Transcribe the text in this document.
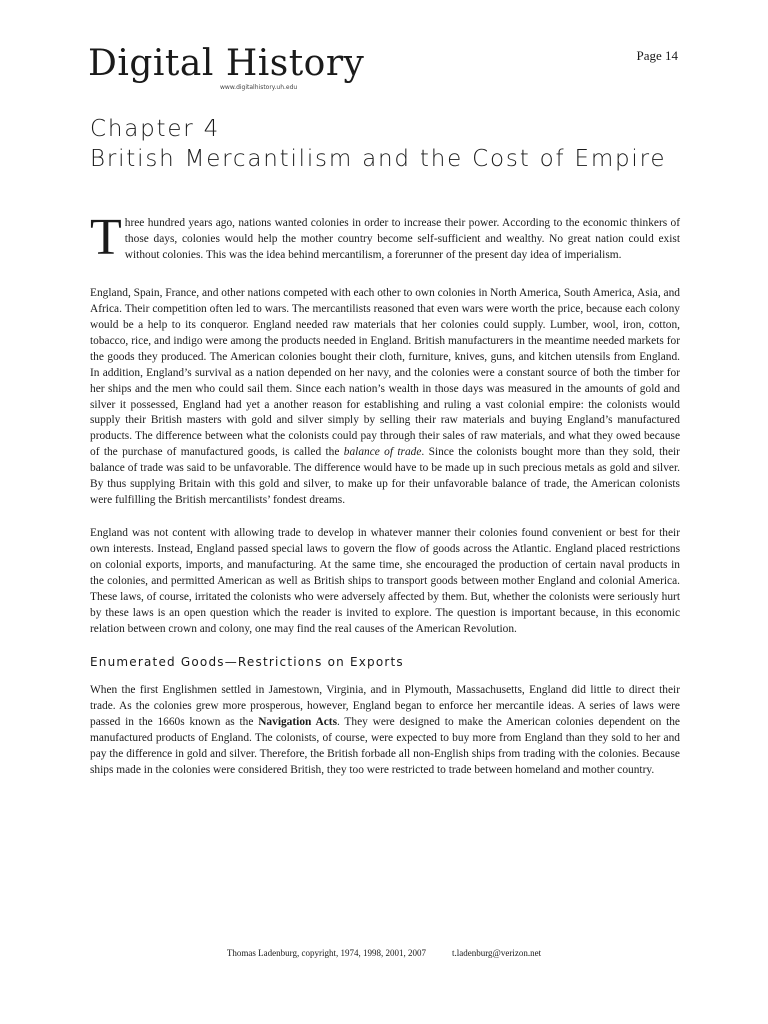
Digital History
www.digitalhistory.uh.edu
Page 14
Chapter 4
British Mercantilism and the Cost of Empire

Three hundred years ago, nations wanted colonies in order to increase their power. According to the economic thinkers of those days, colonies would help the mother country become self-sufficient and wealthy. No great nation could exist without colonies. This was the idea behind mercantilism, a forerunner of the present day idea of imperialism.

England, Spain, France, and other nations competed with each other to own colonies in North America, South America, Asia, and Africa. Their competition often led to wars. The mercantilists reasoned that even wars were worth the price, because each colony would be a help to its conqueror. England needed raw materials that her colonies could supply. Lumber, wool, iron, cotton, tobacco, rice, and indigo were among the products needed in England. British manufacturers in the meantime needed markets for the goods they produced. The American colonies bought their cloth, furniture, knives, guns, and kitchen utensils from England. In addition, England’s survival as a nation depended on her navy, and the colonies were a constant source of both the timber for her ships and the men who could sail them. Since each nation’s wealth in those days was measured in the amounts of gold and silver it possessed, England had yet a another reason for establishing and ruling a vast colonial empire: the colonists would supply their British masters with gold and silver simply by selling their raw materials and buying England’s manufactured products. The difference between what the colonists could pay through their sales of raw materials, and what they owed because of the purchase of manufactured goods, is called the balance of trade. Since the colonists bought more than they sold, their balance of trade was said to be unfavorable. The difference would have to be made up in such precious metals as gold and silver. By thus supplying Britain with this gold and silver, to make up for their unfavorable balance of trade, the American colonists were fulfilling the British mercantilists’ fondest dreams.

England was not content with allowing trade to develop in whatever manner their colonies found convenient or best for their own interests. Instead, England passed special laws to govern the flow of goods across the Atlantic. England placed restrictions on colonial exports, imports, and manufacturing. At the same time, she encouraged the production of certain naval products in the colonies, and permitted American as well as British ships to transport goods between mother England and colonial America. These laws, of course, irritated the colonists who were adversely affected by them. But, whether the colonists were seriously hurt by these laws is an open question which the reader is invited to explore. The question is important because, in this economic relation between crown and colony, one may find the real causes of the American Revolution.

Enumerated Goods—Restrictions on Exports

When the first Englishmen settled in Jamestown, Virginia, and in Plymouth, Massachusetts, England did little to direct their trade. As the colonies grew more prosperous, however, England began to enforce her mercantile ideas. A series of laws were passed in the 1660s known as the Navigation Acts. They were designed to make the American colonies dependent on the manufactured products of England. The colonists, of course, were expected to buy more from England than they sold to her and pay the difference in gold and silver. Therefore, the British forbade all non-English ships from trading with the colonies. Because ships made in the colonies were considered British, they too were restricted to trade between homeland and mother country.

Thomas Ladenburg, copyright, 1974, 1998, 2001, 2007	t.ladenburg@verizon.net
